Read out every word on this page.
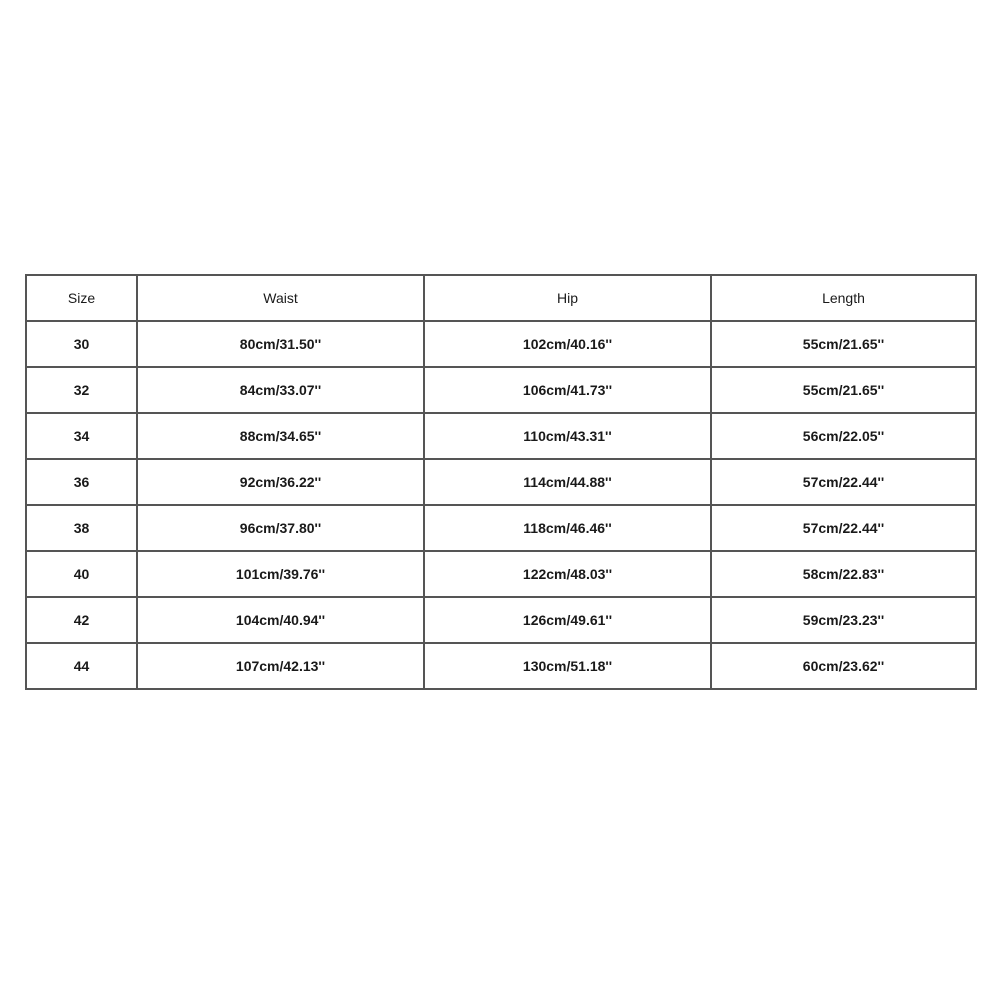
Size	Waist	Hip	Length
30	80cm/31.50''	102cm/40.16''	55cm/21.65''
32	84cm/33.07''	106cm/41.73''	55cm/21.65''
34	88cm/34.65''	110cm/43.31''	56cm/22.05''
36	92cm/36.22''	114cm/44.88''	57cm/22.44''
38	96cm/37.80''	118cm/46.46''	57cm/22.44''
40	101cm/39.76''	122cm/48.03''	58cm/22.83''
42	104cm/40.94''	126cm/49.61''	59cm/23.23''
44	107cm/42.13''	130cm/51.18''	60cm/23.62''
